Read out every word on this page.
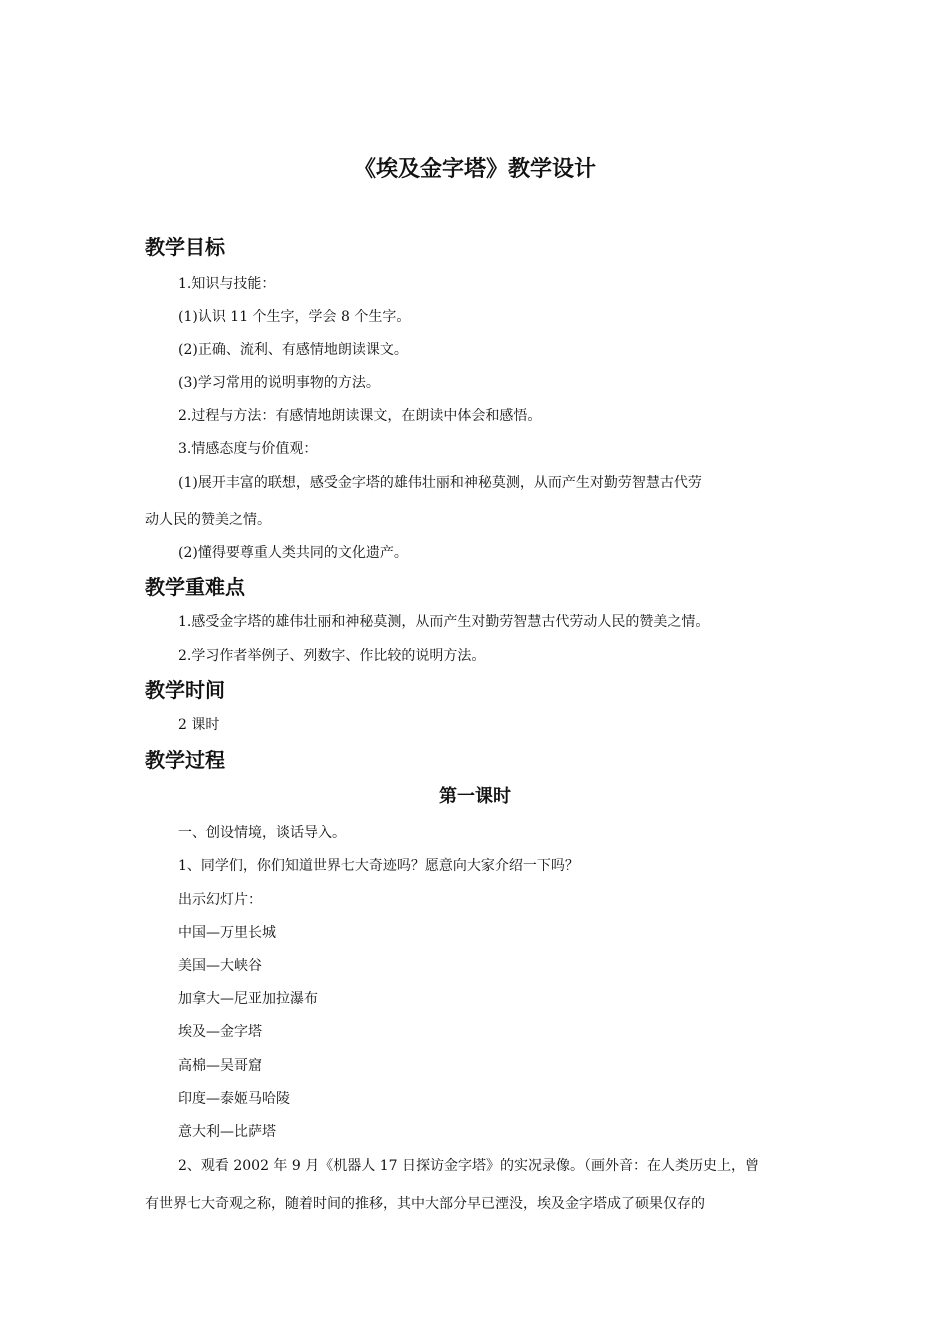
《埃及金字塔》教学设计
教学目标
1.知识与技能：
(1)认识 11 个生字，学会 8 个生字。
(2)正确、流利、有感情地朗读课文。
(3)学习常用的说明事物的方法。
2.过程与方法：有感情地朗读课文，在朗读中体会和感悟。
3.情感态度与价值观：
(1)展开丰富的联想，感受金字塔的雄伟壮丽和神秘莫测，从而产生对勤劳智慧古代劳
动人民的赞美之情。
(2)懂得要尊重人类共同的文化遗产。
教学重难点
1.感受金字塔的雄伟壮丽和神秘莫测，从而产生对勤劳智慧古代劳动人民的赞美之情。
2.学习作者举例子、列数字、作比较的说明方法。
教学时间
2 课时
教学过程
第一课时
一、创设情境，谈话导入。
1、同学们，你们知道世界七大奇迹吗？愿意向大家介绍一下吗？
出示幻灯片：
中国—万里长城
美国—大峡谷
加拿大—尼亚加拉瀑布
埃及—金字塔
高棉—吴哥窟
印度—泰姬马哈陵
意大利—比萨塔
2、观看 2002 年 9 月《机器人 17 日探访金字塔》的实况录像。（画外音：在人类历史上，曾
有世界七大奇观之称，随着时间的推移，其中大部分早已湮没，埃及金字塔成了硕果仅存的
